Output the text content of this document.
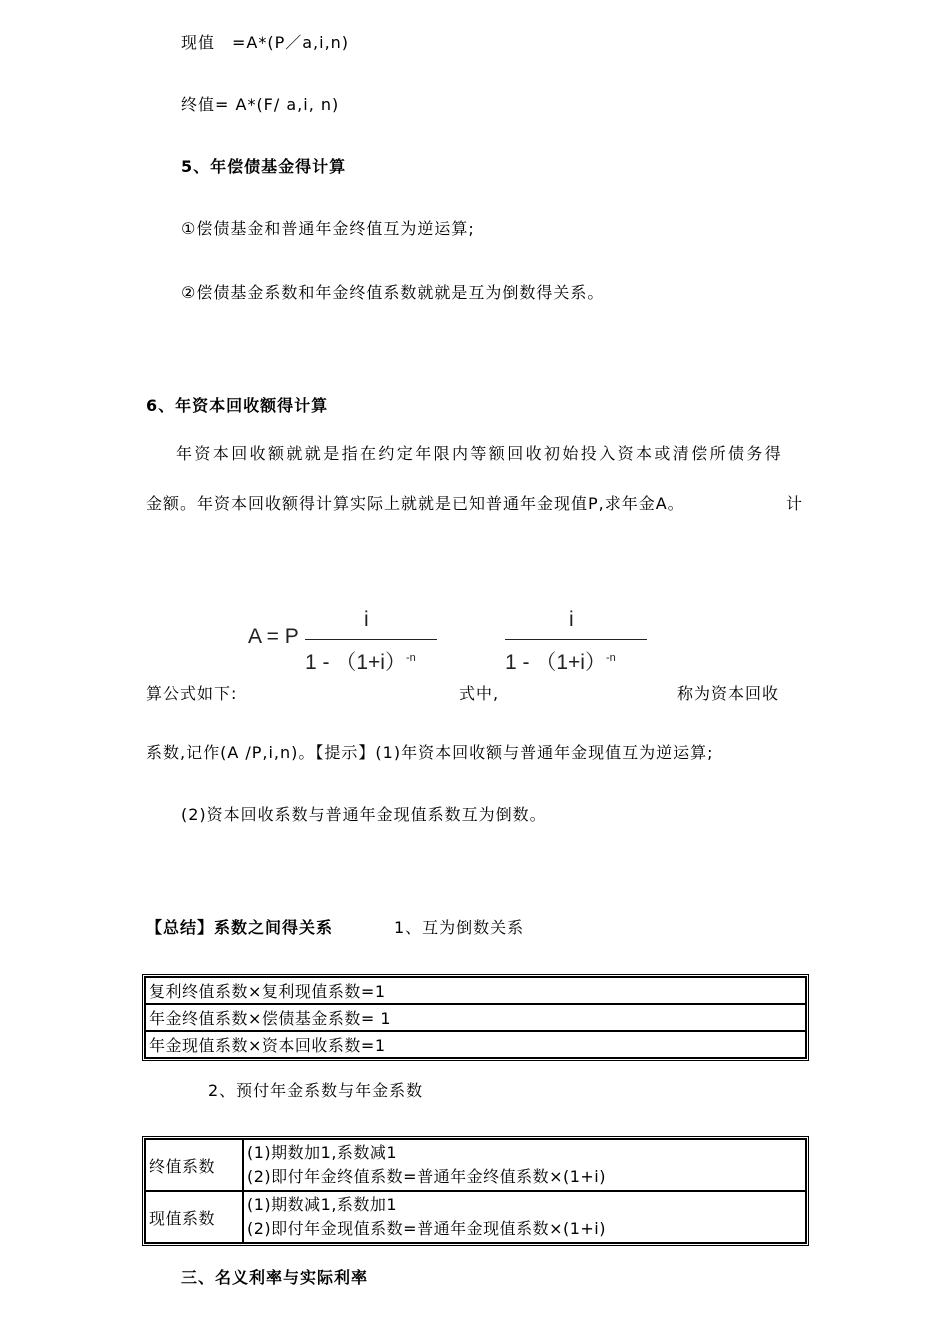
现值　=A*(P／a,i,n)
终值= A*(F/ a,i, n)
5、年偿债基金得计算
①偿债基金和普通年金终值互为逆运算;
②偿债基金系数和年金终值系数就就是互为倒数得关系。
6、年资本回收额得计算
年资本回收额就就是指在约定年限内等额回收初始投入资本或清偿所债务得
金额。年资本回收额得计算实际上就就是已知普通年金现值P,求年金A。	计
A = P
i
$1 - (1+i)^{-n}$
i
$1 - (1+i)^{-n}$
算公式如下:	式中,	称为资本回收
系数,记作(A /P,i,n)。【提示】(1)年资本回收额与普通年金现值互为逆运算;
(2)资本回收系数与普通年金现值系数互为倒数。
【总结】系数之间得关系	1、互为倒数关系
复利终值系数×复利现值系数=1
年金终值系数×偿债基金系数= 1
年金现值系数×资本回收系数=1
2、预付年金系数与年金系数
终值系数	(1)期数加1,系数减1
(2)即付年金终值系数=普通年金终值系数×(1+i)

现值系数	(1)期数减1,系数加1
(2)即付年金现值系数=普通年金现值系数×(1+i)
三、名义利率与实际利率
